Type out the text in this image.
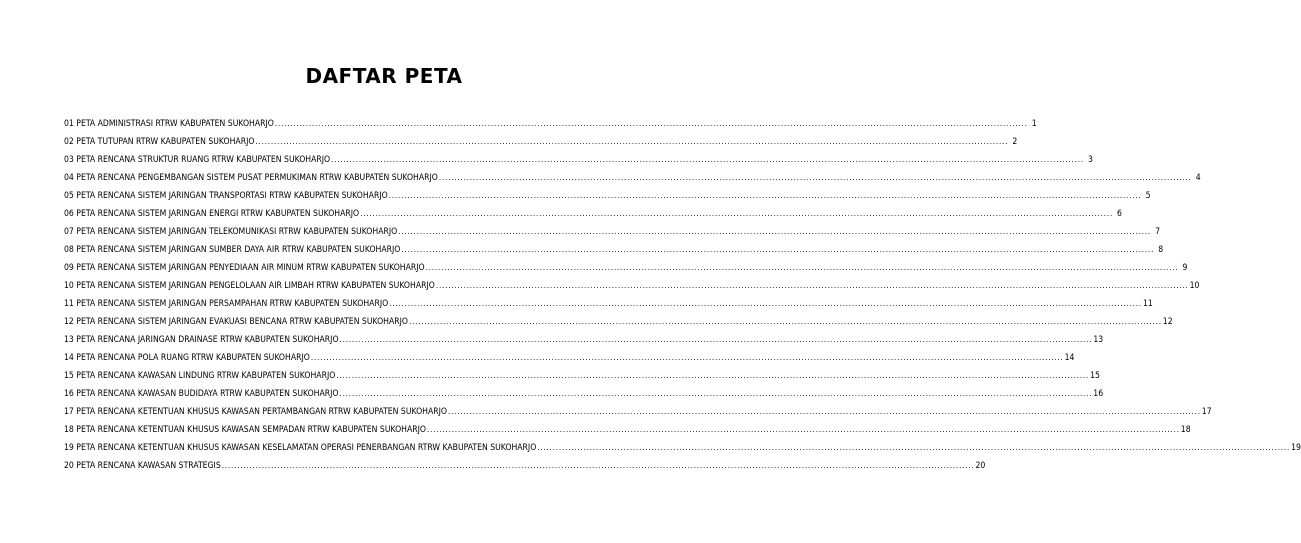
DAFTAR PETA
01 PETA ADMINISTRASI RTRW KABUPATEN SUKOHARJO .................................................................................................................................................................................................................................................... 1
02 PETA TUTUPAN RTRW KABUPATEN SUKOHARJO .................................................................................................................................................................................................................................................... 2
03 PETA RENCANA STRUKTUR RUANG RTRW KABUPATEN SUKOHARJO .................................................................................................................................................................................................................................................... 3
04 PETA RENCANA PENGEMBANGAN SISTEM PUSAT PERMUKIMAN RTRW KABUPATEN SUKOHARJO .................................................................................................................................................................................................................................................... 4
05 PETA RENCANA SISTEM JARINGAN TRANSPORTASI RTRW KABUPATEN SUKOHARJO .................................................................................................................................................................................................................................................... 5
06 PETA RENCANA SISTEM JARINGAN ENERGI RTRW KABUPATEN SUKOHARJO .................................................................................................................................................................................................................................................... 6
07 PETA RENCANA SISTEM JARINGAN TELEKOMUNIKASI RTRW KABUPATEN SUKOHARJO .................................................................................................................................................................................................................................................... 7
08 PETA RENCANA SISTEM JARINGAN SUMBER DAYA AIR RTRW KABUPATEN SUKOHARJO .................................................................................................................................................................................................................................................... 8
09 PETA RENCANA SISTEM JARINGAN PENYEDIAAN AIR MINUM RTRW KABUPATEN SUKOHARJO .................................................................................................................................................................................................................................................... 9
10 PETA RENCANA SISTEM JARINGAN PENGELOLAAN AIR LIMBAH RTRW KABUPATEN SUKOHARJO .................................................................................................................................................................................................................................................... 10
11 PETA RENCANA SISTEM JARINGAN PERSAMPAHAN RTRW KABUPATEN SUKOHARJO .................................................................................................................................................................................................................................................... 11
12 PETA RENCANA SISTEM JARINGAN EVAKUASI BENCANA RTRW KABUPATEN SUKOHARJO .................................................................................................................................................................................................................................................... 12
13 PETA RENCANA JARINGAN DRAINASE RTRW KABUPATEN SUKOHARJO .................................................................................................................................................................................................................................................... 13
14 PETA RENCANA POLA RUANG RTRW KABUPATEN SUKOHARJO .................................................................................................................................................................................................................................................... 14
15 PETA RENCANA KAWASAN LINDUNG RTRW KABUPATEN SUKOHARJO .................................................................................................................................................................................................................................................... 15
16 PETA RENCANA KAWASAN BUDIDAYA RTRW KABUPATEN SUKOHARJO .................................................................................................................................................................................................................................................... 16
17 PETA RENCANA KETENTUAN KHUSUS KAWASAN PERTAMBANGAN RTRW KABUPATEN SUKOHARJO .................................................................................................................................................................................................................................................... 17
18 PETA RENCANA KETENTUAN KHUSUS KAWASAN SEMPADAN RTRW KABUPATEN SUKOHARJO .................................................................................................................................................................................................................................................... 18
19 PETA RENCANA KETENTUAN KHUSUS KAWASAN KESELAMATAN OPERASI PENERBANGAN RTRW KABUPATEN SUKOHARJO .................................................................................................................................................................................................................................................... 19
20 PETA RENCANA KAWASAN STRATEGIS .................................................................................................................................................................................................................................................... 20
